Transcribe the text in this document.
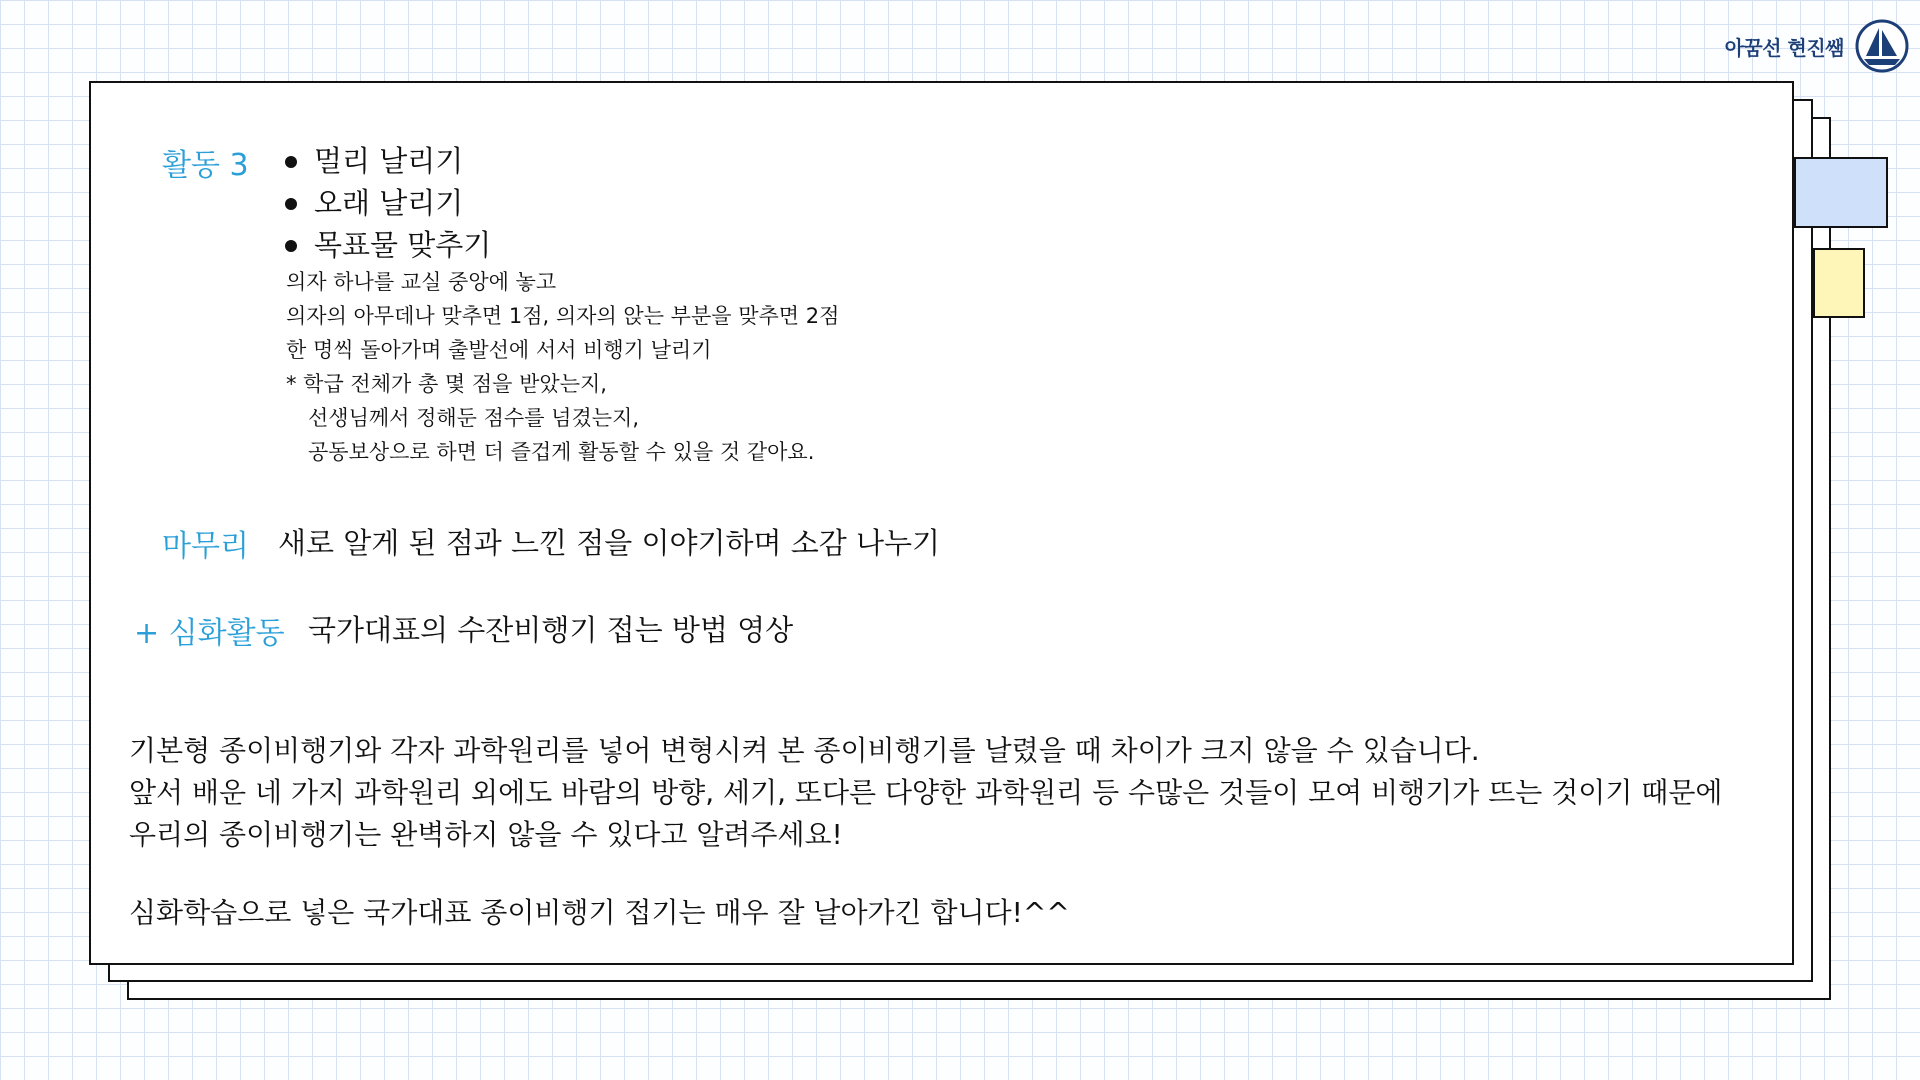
아꿈선 현진쌤
활동 3	멀리 날리기
오래 날리기
목표물 맞추기
의자 하나를 교실 중앙에 놓고
의자의 아무데나 맞추면 1점, 의자의 앉는 부분을 맞추면 2점
한 명씩 돌아가며 출발선에 서서 비행기 날리기
* 학급 전체가 총 몇 점을 받았는지,
선생님께서 정해둔 점수를 넘겼는지,
공동보상으로 하면 더 즐겁게 활동할 수 있을 것 같아요.
마무리 새로 알게 된 점과 느낀 점을 이야기하며 소감 나누기
+ 심화활동 국가대표의 수잔비행기 접는 방법 영상
기본형 종이비행기와 각자 과학원리를 넣어 변형시켜 본 종이비행기를 날렸을 때 차이가 크지 않을 수 있습니다.
앞서 배운 네 가지 과학원리 외에도 바람의 방향, 세기, 또다른 다양한 과학원리 등 수많은 것들이 모여 비행기가 뜨는 것이기 때문에
우리의 종이비행기는 완벽하지 않을 수 있다고 알려주세요!
심화학습으로 넣은 국가대표 종이비행기 접기는 매우 잘 날아가긴 합니다!^^
